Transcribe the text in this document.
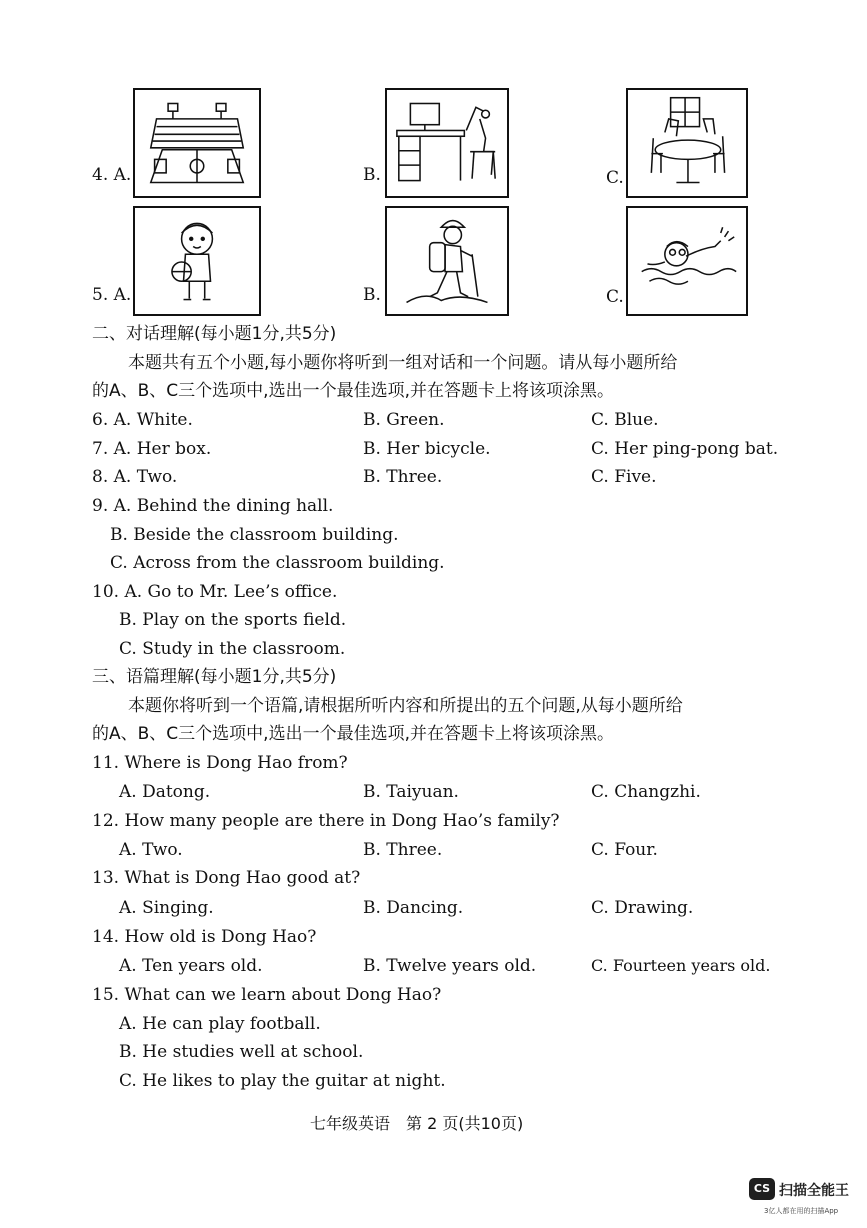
4. A.	B.	C.
5. A.	B.	C.
二、对话理解(每小题1分,共5分)
本题共有五个小题,每小题你将听到一组对话和一个问题。请从每小题所给
的A、B、C三个选项中,选出一个最佳选项,并在答题卡上将该项涂黑。
6. A. White.	B. Green.	C. Blue.
7. A. Her box.	B. Her bicycle.	C. Her ping-pong bat.
8. A. Two.	B. Three.	C. Five.
9. A. Behind the dining hall.
B. Beside the classroom building.
C. Across from the classroom building.
10. A. Go to Mr. Lee’s office.
B. Play on the sports field.
C. Study in the classroom.
三、语篇理解(每小题1分,共5分)
本题你将听到一个语篇,请根据所听内容和所提出的五个问题,从每小题所给
的A、B、C三个选项中,选出一个最佳选项,并在答题卡上将该项涂黑。
11. Where is Dong Hao from?
A. Datong.	B. Taiyuan.	C. Changzhi.
12. How many people are there in Dong Hao’s family?
A. Two.	B. Three.	C. Four.
13. What is Dong Hao good at?
A. Singing.	B. Dancing.	C. Drawing.
14. How old is Dong Hao?
A. Ten years old.	B. Twelve years old.	C. Fourteen years old.
15. What can we learn about Dong Hao?
A. He can play football.
B. He studies well at school.
C. He likes to play the guitar at night.
七年级英语　第 2 页(共10页)
CS 扫描全能王
3亿人都在用的扫描App
